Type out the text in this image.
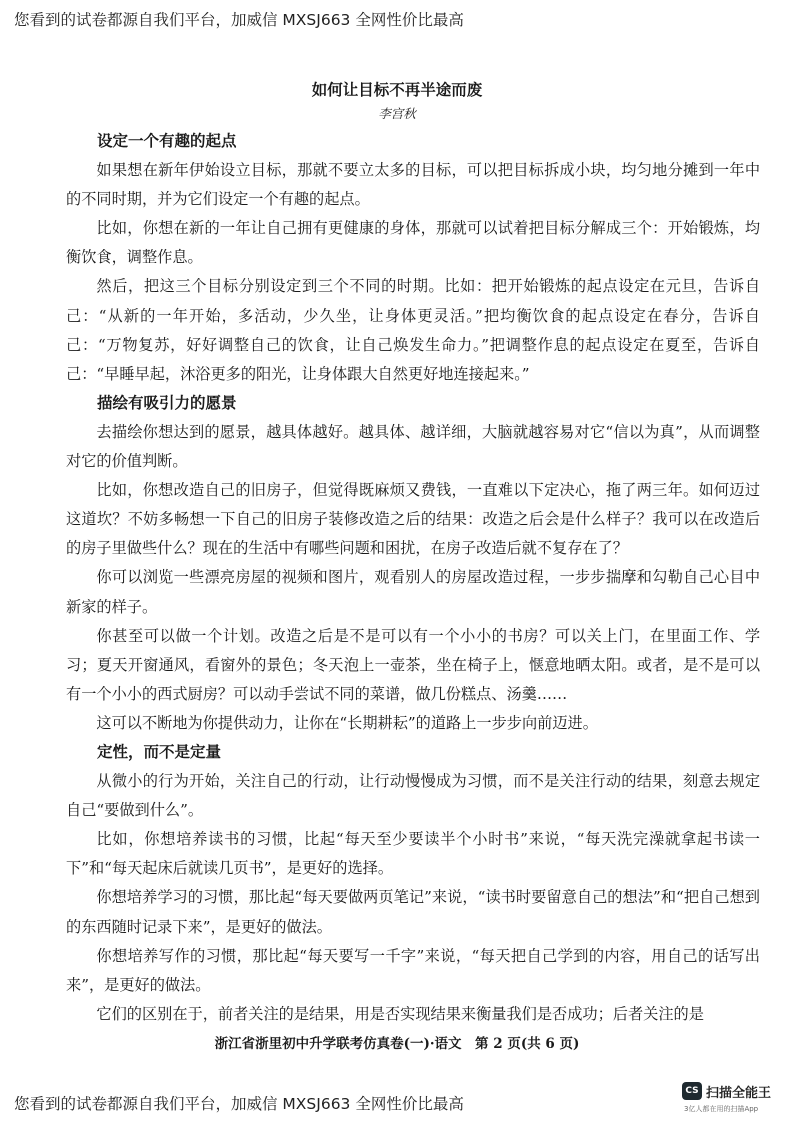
您看到的试卷都源自我们平台，加威信 MXSJ663 全网性价比最高
如何让目标不再半途而废
李宫秋
设定一个有趣的起点

如果想在新年伊始设立目标，那就不要立太多的目标，可以把目标拆成小块，均匀地分摊到一年中的不同时期，并为它们设定一个有趣的起点。

比如，你想在新的一年让自己拥有更健康的身体，那就可以试着把目标分解成三个：开始锻炼，均衡饮食，调整作息。

然后，把这三个目标分别设定到三个不同的时期。比如：把开始锻炼的起点设定在元旦，告诉自己：“从新的一年开始，多活动，少久坐，让身体更灵活。”把均衡饮食的起点设定在春分，告诉自己：“万物复苏，好好调整自己的饮食，让自己焕发生命力。”把调整作息的起点设定在夏至，告诉自己：“早睡早起，沐浴更多的阳光，让身体跟大自然更好地连接起来。”

描绘有吸引力的愿景

去描绘你想达到的愿景，越具体越好。越具体、越详细，大脑就越容易对它“信以为真”，从而调整对它的价值判断。

比如，你想改造自己的旧房子，但觉得既麻烦又费钱，一直难以下定决心，拖了两三年。如何迈过这道坎？不妨多畅想一下自己的旧房子装修改造之后的结果：改造之后会是什么样子？我可以在改造后的房子里做些什么？现在的生活中有哪些问题和困扰，在房子改造后就不复存在了？

你可以浏览一些漂亮房屋的视频和图片，观看别人的房屋改造过程，一步步揣摩和勾勒自己心目中新家的样子。

你甚至可以做一个计划。改造之后是不是可以有一个小小的书房？可以关上门，在里面工作、学习；夏天开窗通风，看窗外的景色；冬天泡上一壶茶，坐在椅子上，惬意地晒太阳。或者，是不是可以有一个小小的西式厨房？可以动手尝试不同的菜谱，做几份糕点、汤羹……

这可以不断地为你提供动力，让你在“长期耕耘”的道路上一步步向前迈进。

定性，而不是定量

从微小的行为开始，关注自己的行动，让行动慢慢成为习惯，而不是关注行动的结果，刻意去规定自己“要做到什么”。

比如，你想培养读书的习惯，比起“每天至少要读半个小时书”来说，“每天洗完澡就拿起书读一下”和“每天起床后就读几页书”，是更好的选择。

你想培养学习的习惯，那比起“每天要做两页笔记”来说，“读书时要留意自己的想法”和“把自己想到的东西随时记录下来”，是更好的做法。

你想培养写作的习惯，那比起“每天要写一千字”来说，“每天把自己学到的内容，用自己的话写出来”，是更好的做法。

它们的区别在于，前者关注的是结果，用是否实现结果来衡量我们是否成功；后者关注的是

浙江省浙里初中升学联考仿真卷(一)·语文　第 2 页(共 6 页)
您看到的试卷都源自我们平台，加威信 MXSJ663 全网性价比最高
CS 扫描全能王
3亿人都在用的扫描App
